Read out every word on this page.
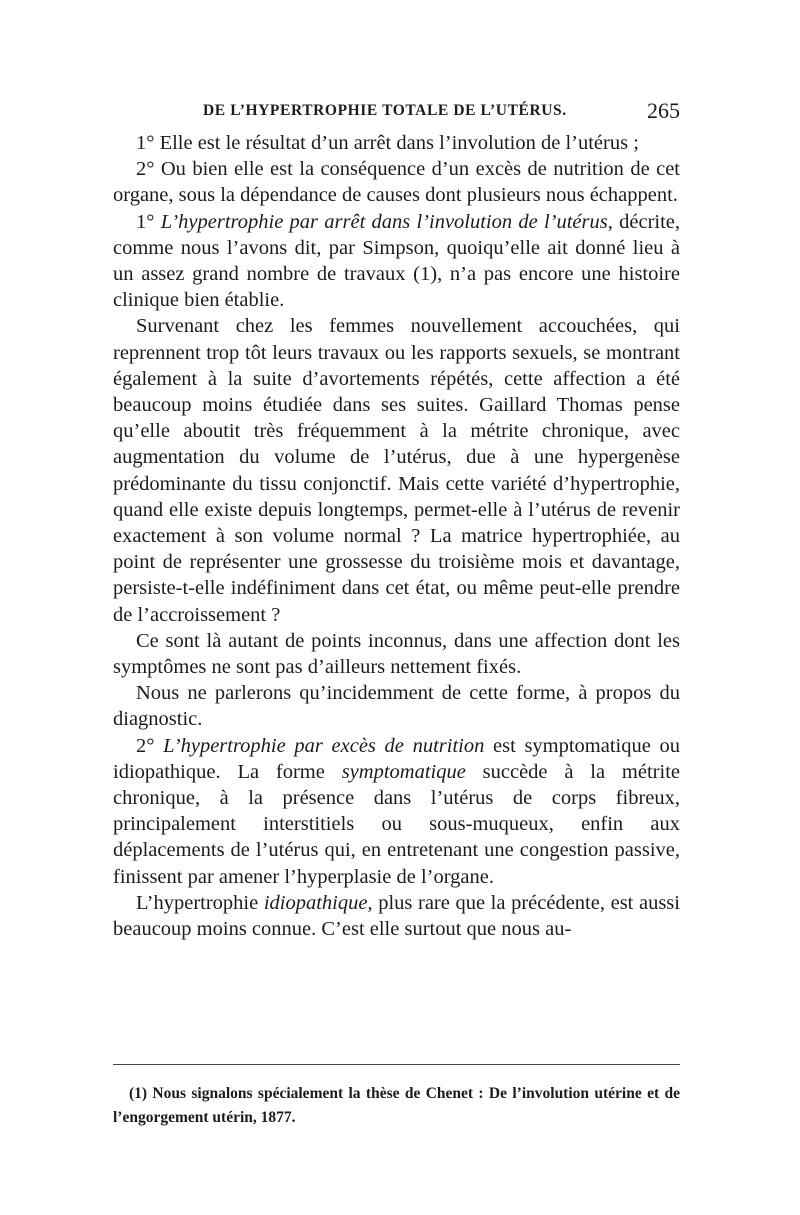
DE L’HYPERTROPHIE TOTALE DE L’UTÉRUS.	265

1° Elle est le résultat d’un arrêt dans l’involution de l’utérus ;

2° Ou bien elle est la conséquence d’un excès de nutrition de cet organe, sous la dépendance de causes dont plusieurs nous échappent.

1° L’hypertrophie par arrêt dans l’involution de l’utérus, décrite, comme nous l’avons dit, par Simpson, quoiqu’elle ait donné lieu à un assez grand nombre de travaux (1), n’a pas encore une histoire clinique bien établie.

Survenant chez les femmes nouvellement accouchées, qui reprennent trop tôt leurs travaux ou les rapports sexuels, se montrant également à la suite d’avortements répétés, cette affection a été beaucoup moins étudiée dans ses suites. Gaillard Thomas pense qu’elle aboutit très fréquemment à la métrite chronique, avec augmentation du volume de l’utérus, due à une hypergenèse prédominante du tissu conjonctif. Mais cette variété d’hypertrophie, quand elle existe depuis longtemps, permet-elle à l’utérus de revenir exactement à son volume normal ? La matrice hypertrophiée, au point de représenter une grossesse du troisième mois et davantage, persiste-t-elle indéfiniment dans cet état, ou même peut-elle prendre de l’accroissement ?

Ce sont là autant de points inconnus, dans une affection dont les symptômes ne sont pas d’ailleurs nettement fixés.

Nous ne parlerons qu’incidemment de cette forme, à propos du diagnostic.

2° L’hypertrophie par excès de nutrition est symptomatique ou idiopathique. La forme symptomatique succède à la métrite chronique, à la présence dans l’utérus de corps fibreux, principalement interstitiels ou sous-muqueux, enfin aux déplacements de l’utérus qui, en entretenant une congestion passive, finissent par amener l’hyperplasie de l’organe.

L’hypertrophie idiopathique, plus rare que la précédente, est aussi beaucoup moins connue. C’est elle surtout que nous au-

(1) Nous signalons spécialement la thèse de Chenet : De l’involution utérine et de l’engorgement utérin, 1877.
